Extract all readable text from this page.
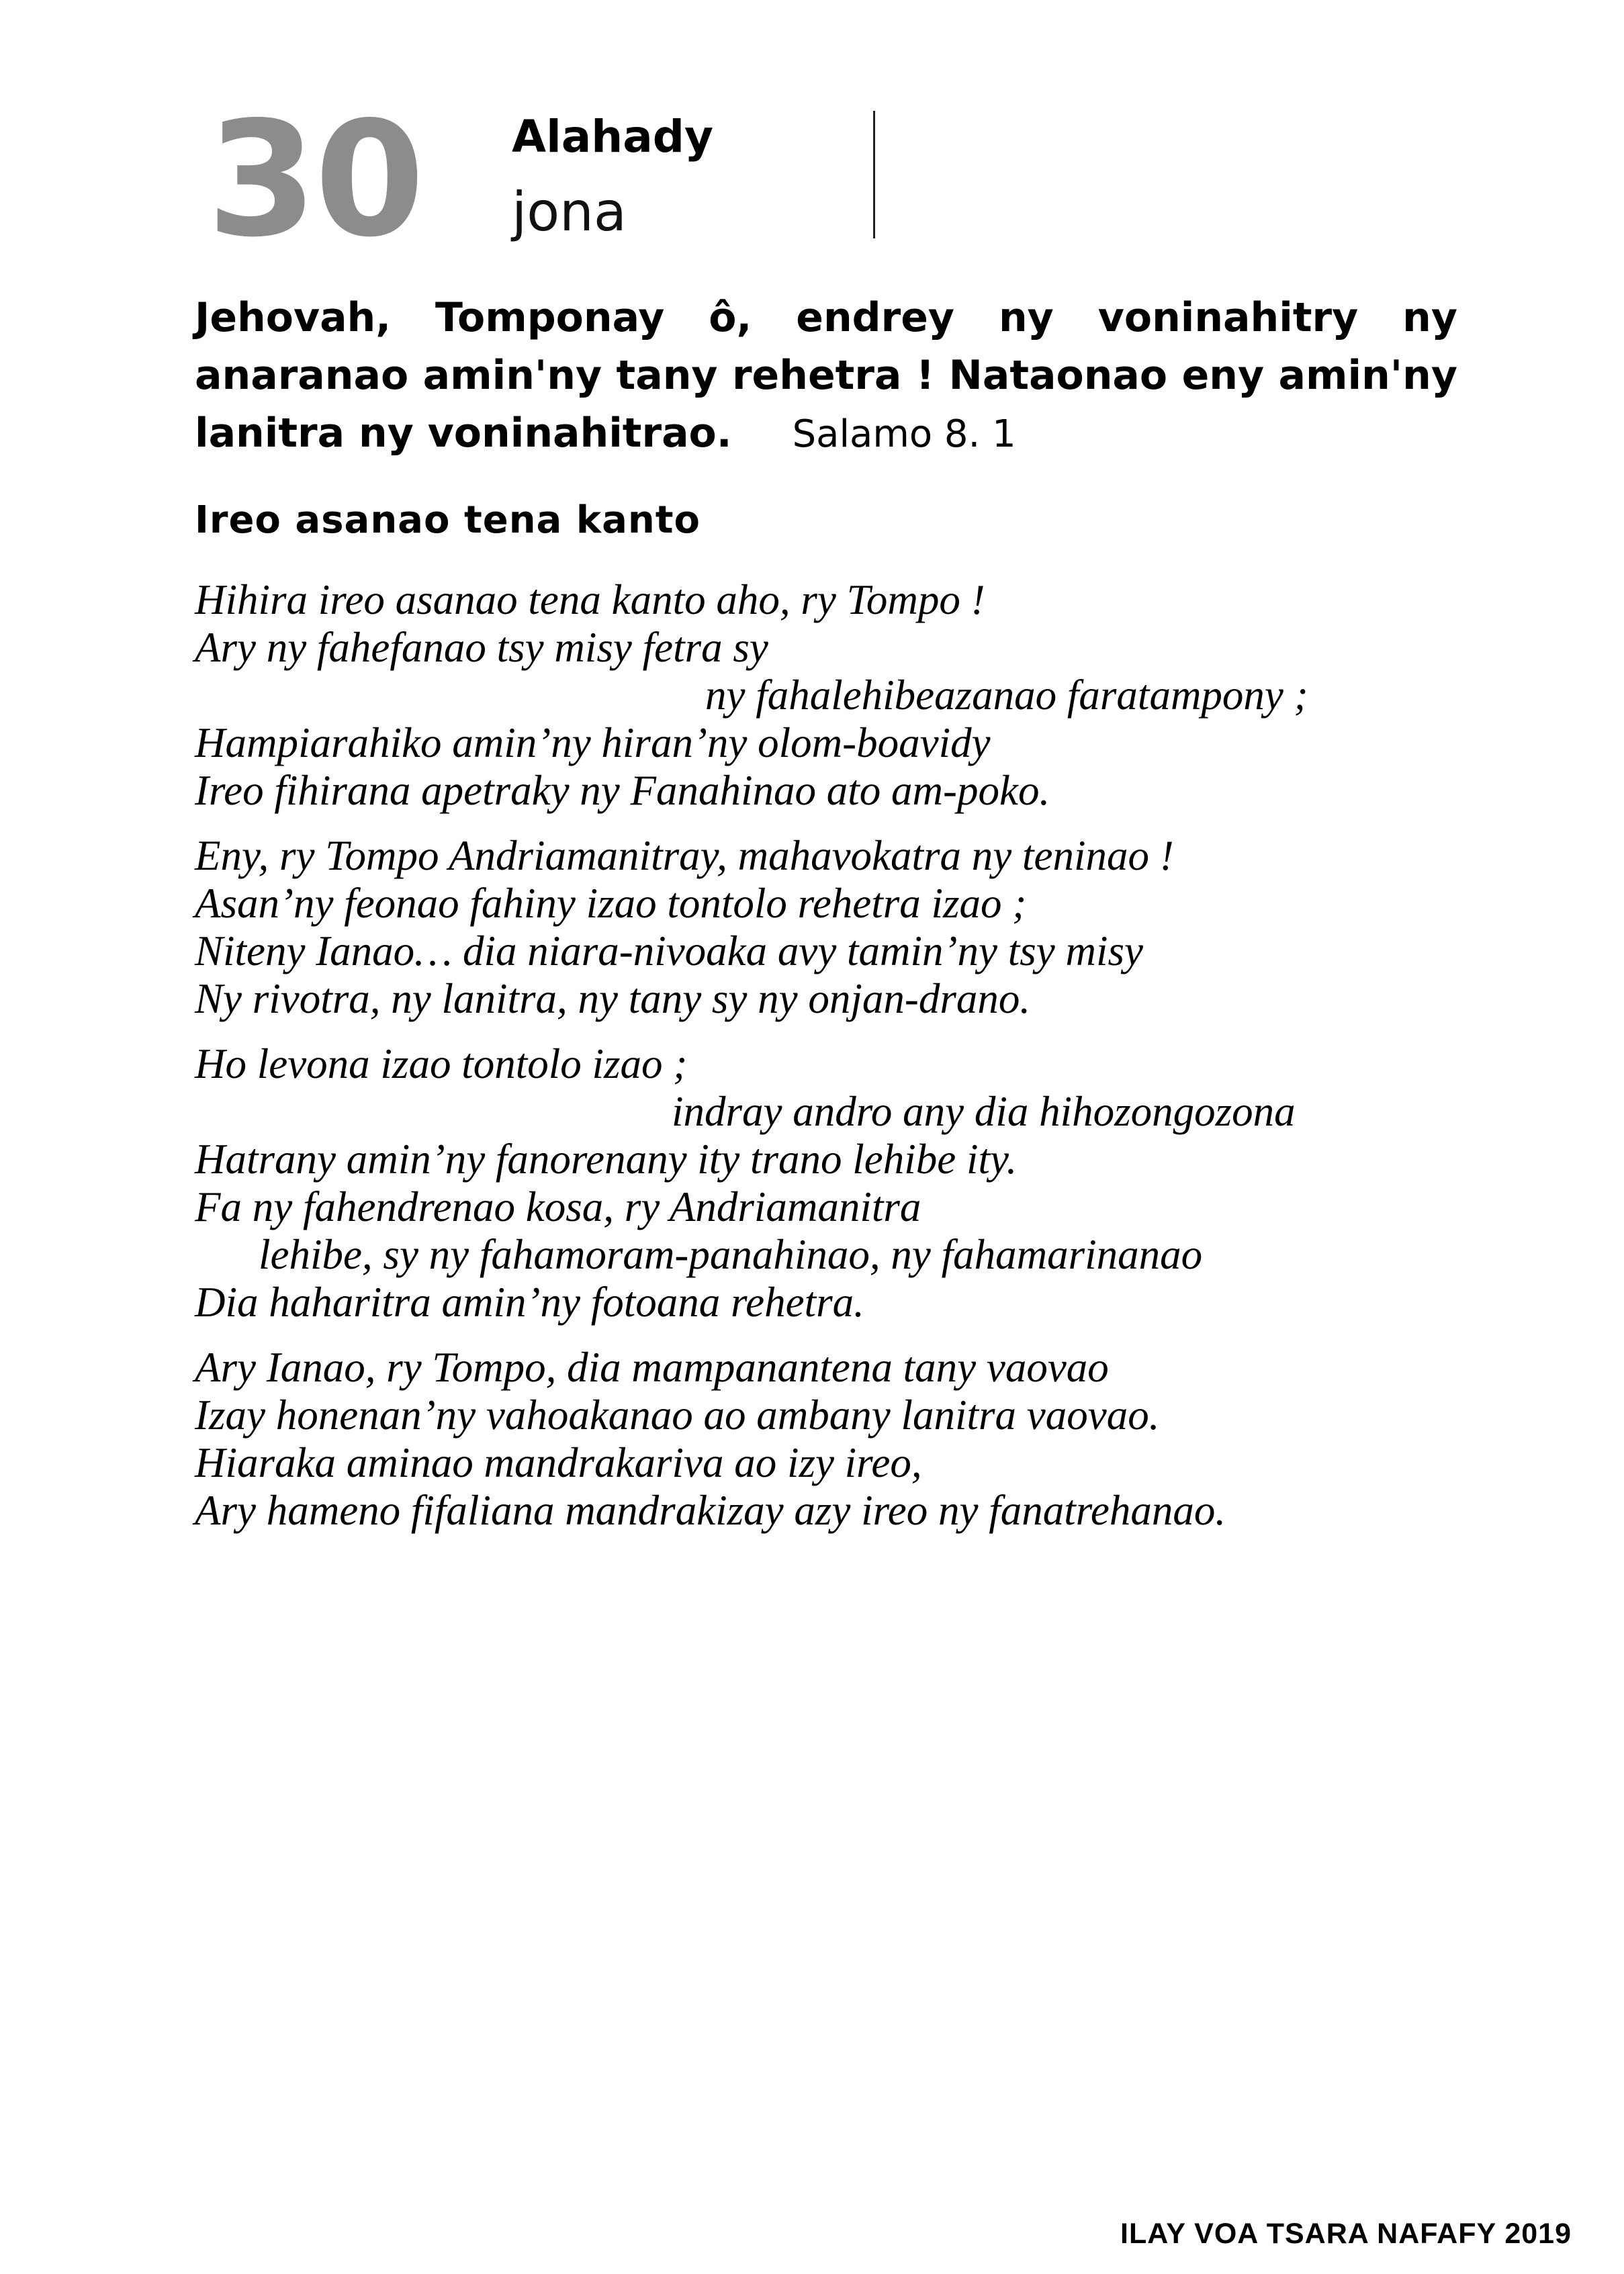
30 Alahady
jona
Jehovah, Tomponay ô, endrey ny voninahitry ny anaranao amin'ny tany rehetra ! Nataonao eny amin'ny lanitra ny voninahitrao. Salamo 8. 1
Ireo asanao tena kanto
Hihira ireo asanao tena kanto aho, ry Tompo !
Ary ny fahefanao tsy misy fetra sy
ny fahalehibeazanao faratampony ;
Hampiarahiko amin’ny hiran’ny olom-boavidy
Ireo fihirana apetraky ny Fanahinao ato am-poko.
Eny, ry Tompo Andriamanitray, mahavokatra ny teninao !
Asan’ny feonao fahiny izao tontolo rehetra izao ;
Niteny Ianao… dia niara-nivoaka avy tamin’ny tsy misy
Ny rivotra, ny lanitra, ny tany sy ny onjan-drano.
Ho levona izao tontolo izao ;
indray andro any dia hihozongozona
Hatrany amin’ny fanorenany ity trano lehibe ity.
Fa ny fahendrenao kosa, ry Andriamanitra
lehibe, sy ny fahamoram-panahinao, ny fahamarinanao
Dia haharitra amin’ny fotoana rehetra.
Ary Ianao, ry Tompo, dia mampanantena tany vaovao
Izay honenan’ny vahoakanao ao ambany lanitra vaovao.
Hiaraka aminao mandrakariva ao izy ireo,
Ary hameno fifaliana mandrakizay azy ireo ny fanatrehanao.
ILAY VOA TSARA NAFAFY 2019
